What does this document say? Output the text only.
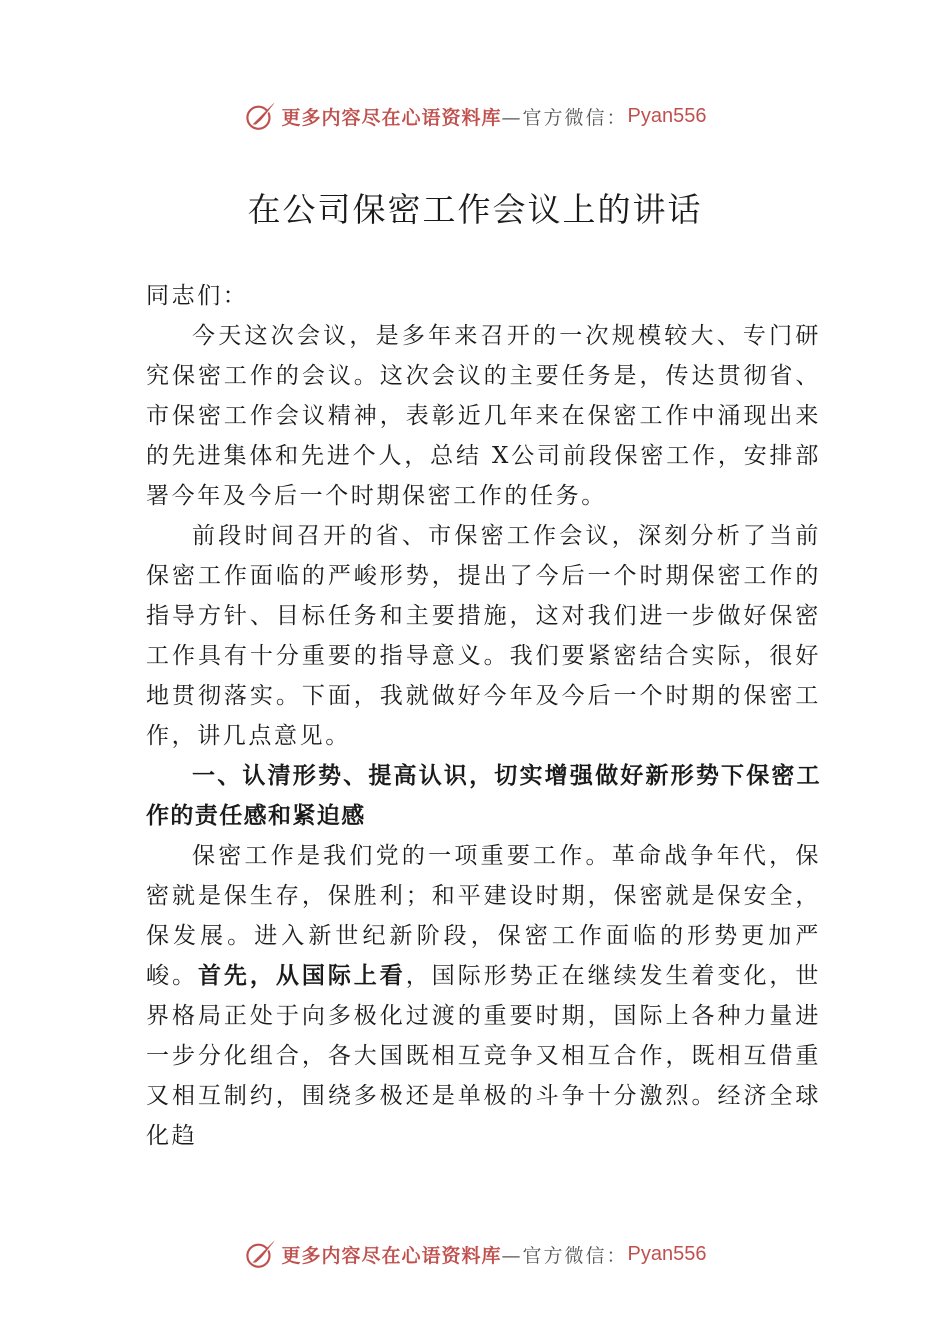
更多内容尽在心语资料库 —官方微信： Pyan556
在公司保密工作会议上的讲话

同志们：

今天这次会议，是多年来召开的一次规模较大、专门研究保密工作的会议。这次会议的主要任务是，传达贯彻省、 市保密工作会议精神，表彰近几年来在保密工作中涌现出来的先进集体和先进个人，总结 X公司前段保密工作，安排部署今年及今后一个时期保密工作的任务。

前段时间召开的省、市保密工作会议，深刻分析了当前保密工作面临的严峻形势，提出了今后一个时期保密工作的指导方针、目标任务和主要措施，这对我们进一步做好保密工作具有十分重要的指导意义。我们要紧密结合实际，很好地贯彻落实。下面，我就做好今年及今后一个时期的保密工作，讲几点意见。

一、认清形势、提高认识，切实增强做好新形势下保密工作的责任感和紧迫感

保密工作是我们党的一项重要工作。革命战争年代，保密就是保生存，保胜利；和平建设时期，保密就是保安全， 保发展。进入新世纪新阶段，保密工作面临的形势更加严峻。首先，从国际上看，国际形势正在继续发生着变化，世界格局正处于向多极化过渡的重要时期，国际上各种力量进一步分化组合，各大国既相互竞争又相互合作，既相互借重又相互制约，围绕多极还是单极的斗争十分激烈。经济全球化趋

更多内容尽在心语资料库 —官方微信： Pyan556
